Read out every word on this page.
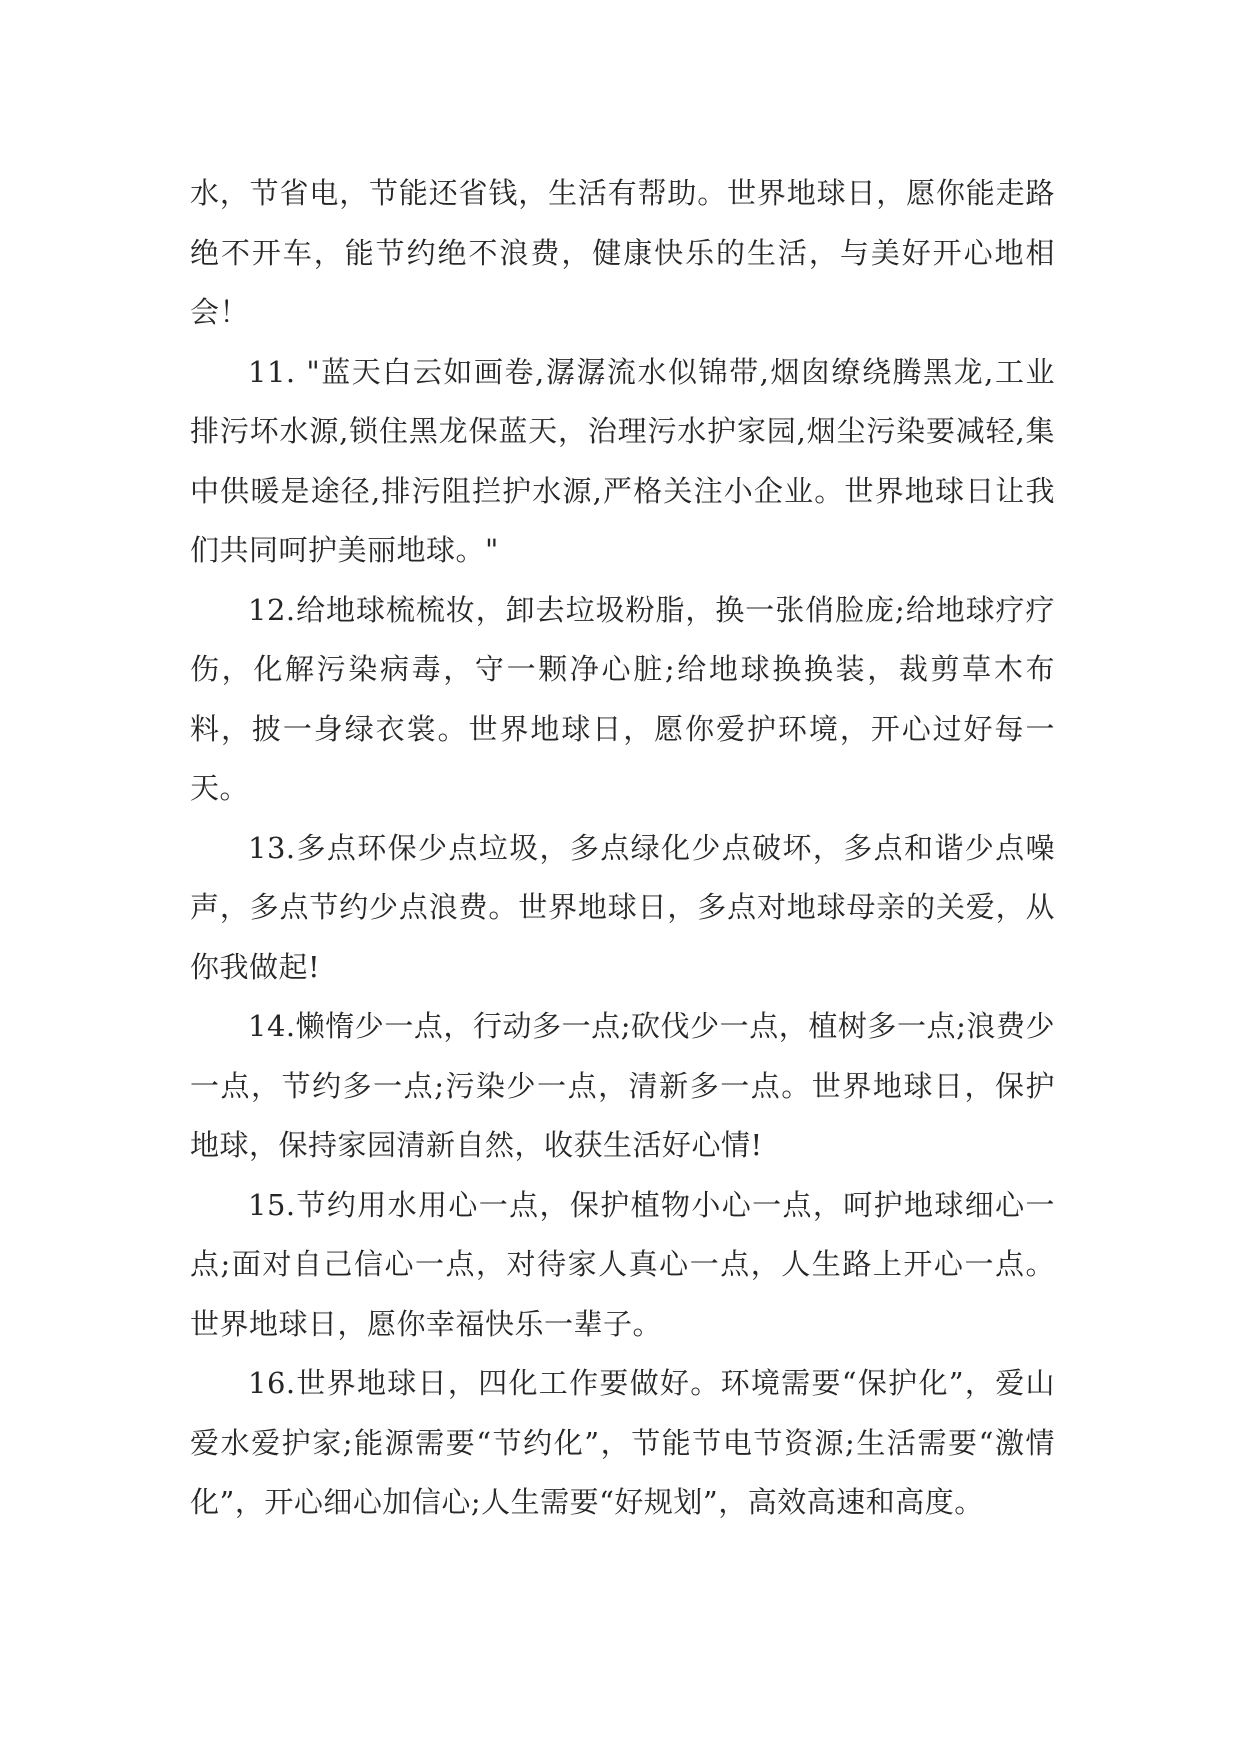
水，节省电，节能还省钱，生活有帮助。世界地球日，愿你能走路绝不开车，能节约绝不浪费，健康快乐的生活，与美好开心地相会！

11. "蓝天白云如画卷,潺潺流水似锦带,烟囱缭绕腾黑龙,工业排污坏水源,锁住黑龙保蓝天，治理污水护家园,烟尘污染要减轻,集中供暖是途径,排污阻拦护水源,严格关注小企业。世界地球日让我们共同呵护美丽地球。"

12.给地球梳梳妆，卸去垃圾粉脂，换一张俏脸庞;给地球疗疗伤，化解污染病毒，守一颗净心脏;给地球换换装，裁剪草木布料，披一身绿衣裳。世界地球日，愿你爱护环境，开心过好每一天。

13.多点环保少点垃圾，多点绿化少点破坏，多点和谐少点噪声，多点节约少点浪费。世界地球日，多点对地球母亲的关爱，从你我做起!

14.懒惰少一点，行动多一点;砍伐少一点，植树多一点;浪费少一点，节约多一点;污染少一点，清新多一点。世界地球日，保护地球，保持家园清新自然，收获生活好心情!

15.节约用水用心一点，保护植物小心一点，呵护地球细心一点;面对自己信心一点，对待家人真心一点，人生路上开心一点。世界地球日，愿你幸福快乐一辈子。

16.世界地球日，四化工作要做好。环境需要“保护化”，爱山爱水爱护家;能源需要“节约化”，节能节电节资源;生活需要“激情化”，开心细心加信心;人生需要“好规划”，高效高速和高度。
